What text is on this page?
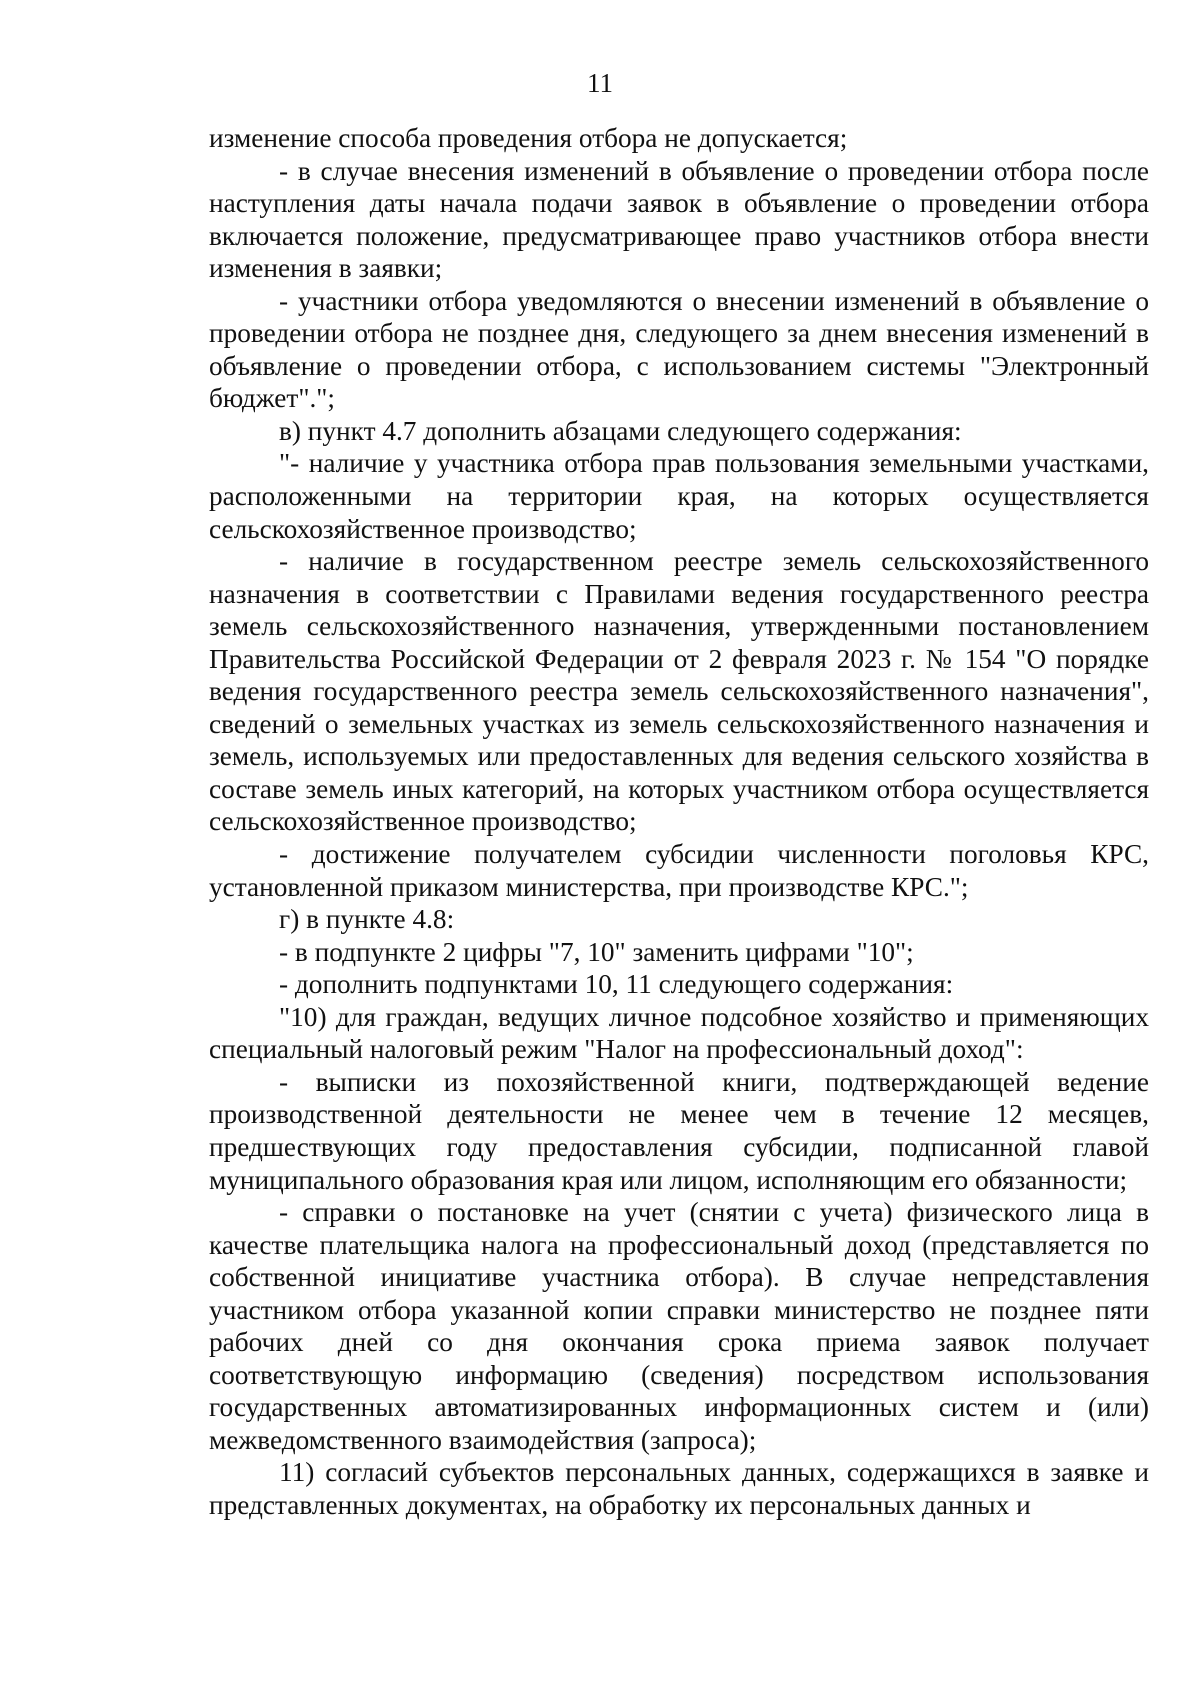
11

изменение способа проведения отбора не допускается;

- в случае внесения изменений в объявление о проведении отбора после наступления даты начала подачи заявок в объявление о проведении отбора включается положение, предусматривающее право участников отбора внести изменения в заявки;

- участники отбора уведомляются о внесении изменений в объявление о проведении отбора не позднее дня, следующего за днем внесения изменений в объявление о проведении отбора, с использованием системы "Электронный бюджет".";

в) пункт 4.7 дополнить абзацами следующего содержания:

"- наличие у участника отбора прав пользования земельными участками, расположенными на территории края, на которых осуществляется сельскохозяйственное производство;

- наличие в государственном реестре земель сельскохозяйственного назначения в соответствии с Правилами ведения государственного реестра земель сельскохозяйственного назначения, утвержденными постановлением Правительства Российской Федерации от 2 февраля 2023 г. № 154 "О порядке ведения государственного реестра земель сельскохозяйственного назначения", сведений о земельных участках из земель сельскохозяйственного назначения и земель, используемых или предоставленных для ведения сельского хозяйства в составе земель иных категорий, на которых участником отбора осуществляется сельскохозяйственное производство;

- достижение получателем субсидии численности поголовья КРС, установленной приказом министерства, при производстве КРС.";

г) в пункте 4.8:

- в подпункте 2 цифры "7, 10" заменить цифрами "10";

- дополнить подпунктами 10, 11 следующего содержания:

"10) для граждан, ведущих личное подсобное хозяйство и применяющих специальный налоговый режим "Налог на профессиональный доход":

- выписки из похозяйственной книги, подтверждающей ведение производственной деятельности не менее чем в течение 12 месяцев, предшествующих году предоставления субсидии, подписанной главой муниципального образования края или лицом, исполняющим его обязанности;

- справки о постановке на учет (снятии с учета) физического лица в качестве плательщика налога на профессиональный доход (представляется по собственной инициативе участника отбора). В случае непредставления участником отбора указанной копии справки министерство не позднее пяти рабочих дней со дня окончания срока приема заявок получает соответствующую информацию (сведения) посредством использования государственных автоматизированных информационных систем и (или) межведомственного взаимодействия (запроса);

11) согласий субъектов персональных данных, содержащихся в заявке и представленных документах, на обработку их персональных данных и
